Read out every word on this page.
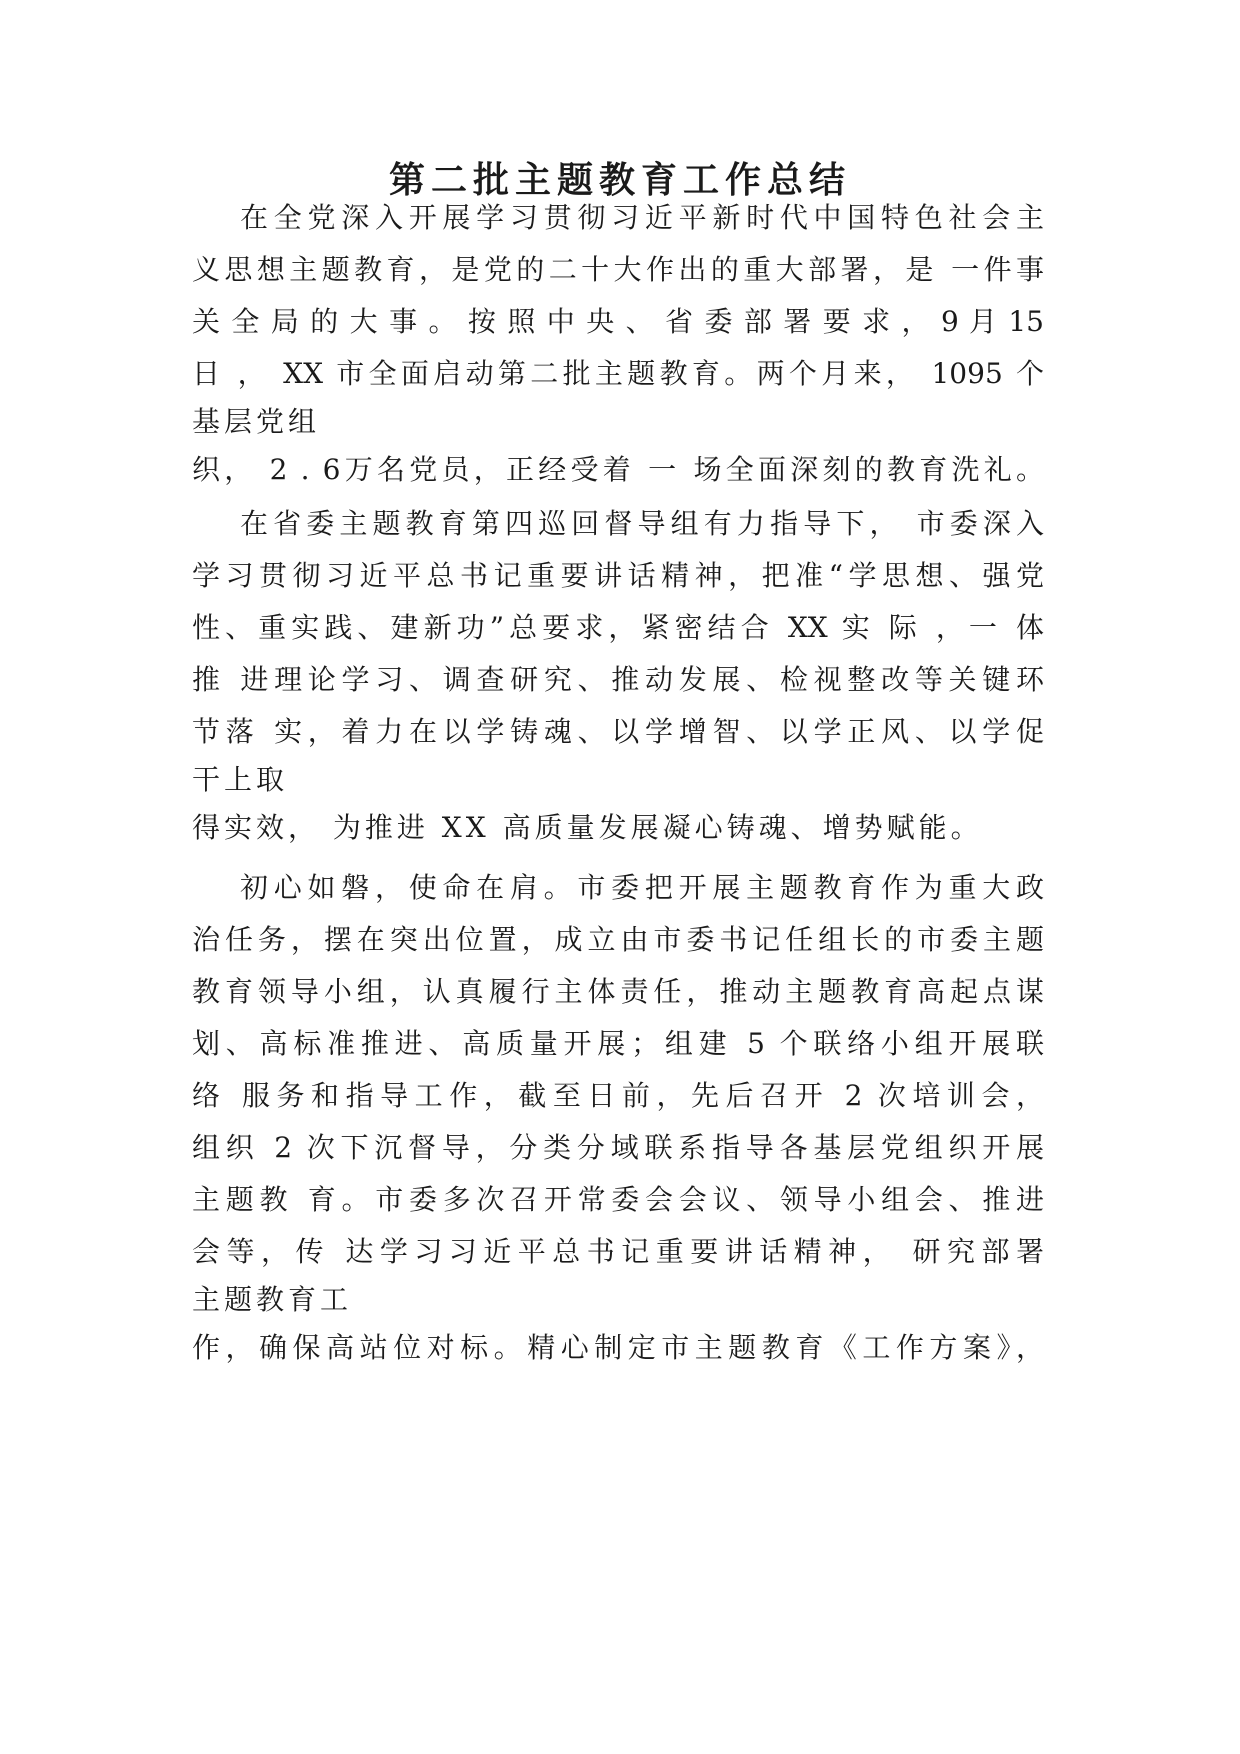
第二批主题教育工作总结

在全党深入开展学习贯彻习近平新时代中国特色社会主

义思想主题教育，是党的二十大作出的重大部署，是 一件事

关 全 局 的 大 事 。 按 照 中 央 、 省 委 部 署 要 求 ， 9 月 15

日 ， XX 市全面启动第二批主题教育。两个月来， 1095 个

基层党组

织， 2 . 6万名党员，正经受着 一 场全面深刻的教育洗礼。

在省委主题教育第四巡回督导组有力指导下， 市委深入

学习贯彻习近平总书记重要讲话精神，把准“学思想、强党

性、重实践、建新功”总要求，紧密结合 XX 实 际 ，一 体

推 进理论学习、调查研究、推动发展、检视整改等关键环

节落 实，着力在以学铸魂、以学增智、以学正风、以学促

干上取

得实效， 为推进 XX 高质量发展凝心铸魂、增势赋能。

初心如磐，使命在肩。市委把开展主题教育作为重大政

治任务，摆在突出位置，成立由市委书记任组长的市委主题

教育领导小组，认真履行主体责任，推动主题教育高起点谋

划、高标准推进、高质量开展；组建 5 个联络小组开展联

络 服务和指导工作，截至日前，先后召开 2 次培训会，

组织 2 次下沉督导，分类分域联系指导各基层党组织开展

主题教 育。市委多次召开常委会会议、领导小组会、推进

会等，传 达学习习近平总书记重要讲话精神， 研究部署

主题教育工

作，确保高站位对标。精心制定市主题教育《工作方案》，
